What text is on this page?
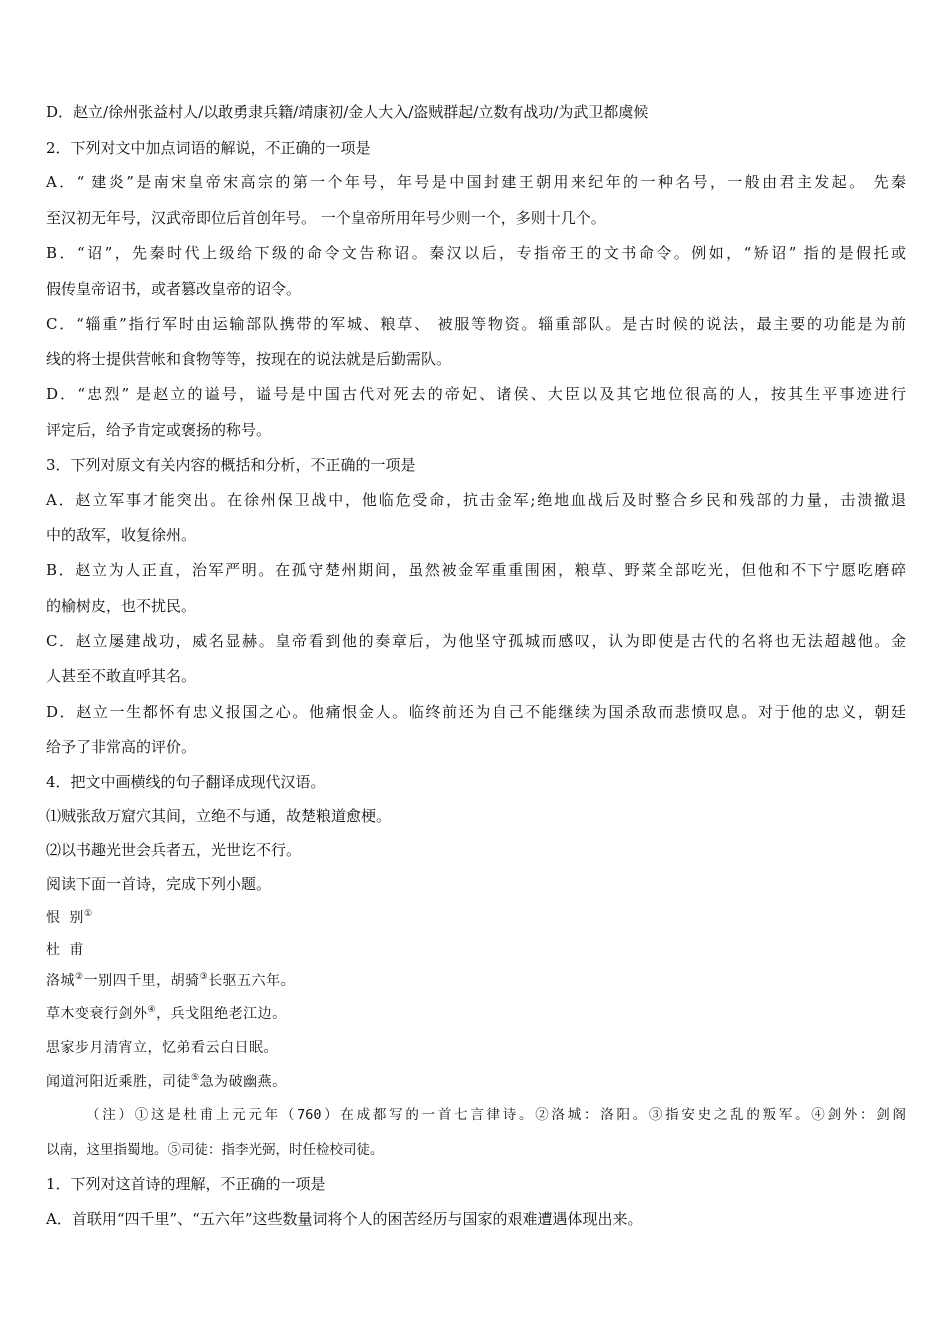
D．赵立/徐州张益村人/以敢勇隶兵籍/靖康初/金人大入/盗贼群起/立数有战功/为武卫都虞候
2．下列对文中加点词语的解说，不正确的一项是
A．“ 建炎”是南宋皇帝宋高宗的第一个年号，年号是中国封建王朝用来纪年的一种名号，一般由君主发起。 先秦
至汉初无年号，汉武帝即位后首创年号。 一个皇帝所用年号少则一个，多则十几个。
B．“诏”，先秦时代上级给下级的命令文告称诏。秦汉以后，专指帝王的文书命令。例如，“矫诏” 指的是假托或
假传皇帝诏书，或者篡改皇帝的诏令。
C．“辎重”指行军时由运输部队携带的军城、粮草、 被服等物资。辎重部队。是古时候的说法，最主要的功能是为前
线的将士提供营帐和食物等等，按现在的说法就是后勤需队。
D．“忠烈” 是赵立的谥号，谥号是中国古代对死去的帝妃、诸侯、大臣以及其它地位很高的人，按其生平事迹进行
评定后，给予肯定或褒扬的称号。
3．下列对原文有关内容的概括和分析，不正确的一项是
A．赵立军事才能突出。在徐州保卫战中，他临危受命，抗击金军;绝地血战后及时整合乡民和残部的力量，击溃撤退
中的敌军，收复徐州。
B．赵立为人正直，治军严明。在孤守楚州期间，虽然被金军重重围困，粮草、野菜全部吃光，但他和不下宁愿吃磨碎
的榆树皮，也不扰民。
C．赵立屡建战功，威名显赫。皇帝看到他的奏章后，为他坚守孤城而感叹，认为即使是古代的名将也无法超越他。金
人甚至不敢直呼其名。
D．赵立一生都怀有忠义报国之心。他痛恨金人。临终前还为自己不能继续为国杀敌而悲愤叹息。对于他的忠义，朝廷
给予了非常高的评价。
4．把文中画横线的句子翻译成现代汉语。
⑴贼张敌万窟穴其间，立绝不与通，故楚粮道愈梗。
⑵以书趣光世会兵者五，光世讫不行。
阅读下面一首诗，完成下列小题。
恨 别①
杜 甫
洛城②一别四千里，胡骑③长驱五六年。
草木变衰行剑外④，兵戈阻绝老江边。
思家步月清宵立，忆弟看云白日眠。
闻道河阳近乘胜，司徒⑤急为破幽燕。
（注）①这是杜甫上元元年（760）在成都写的一首七言律诗。②洛城：洛阳。③指安史之乱的叛军。④剑外：剑阁
以南，这里指蜀地。⑤司徒：指李光弼，时任检校司徒。
1．下列对这首诗的理解，不正确的一项是
A．首联用“四千里”、“五六年”这些数量词将个人的困苦经历与国家的艰难遭遇体现出来。
